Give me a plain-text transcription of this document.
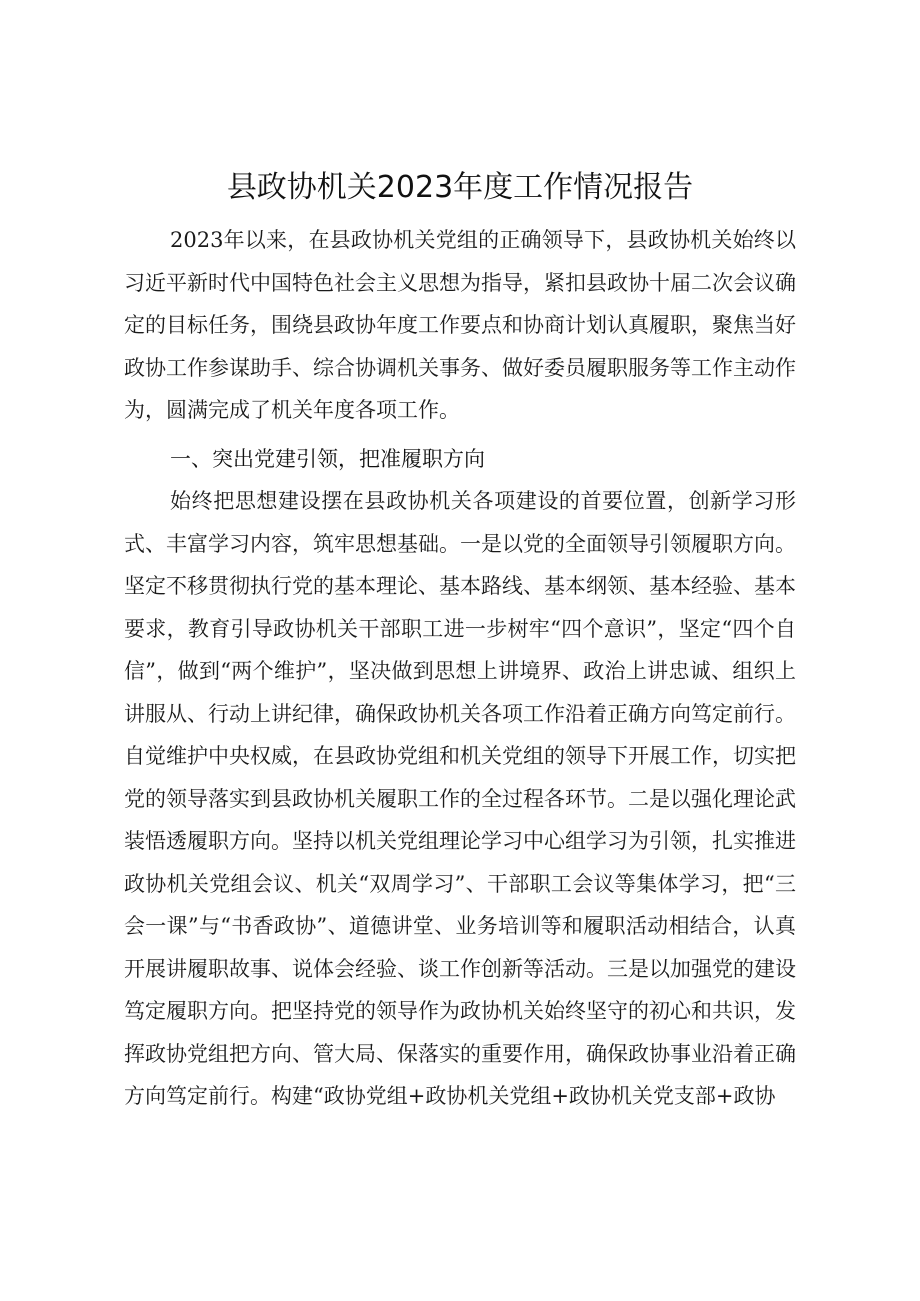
县政协机关2023年度工作情况报告

2023年以来，在县政协机关党组的正确领导下，县政协机关始终以习近平新时代中国特色社会主义思想为指导，紧扣县政协十届二次会议确定的目标任务，围绕县政协年度工作要点和协商计划认真履职，聚焦当好政协工作参谋助手、综合协调机关事务、做好委员履职服务等工作主动作为，圆满完成了机关年度各项工作。

一、突出党建引领，把准履职方向

始终把思想建设摆在县政协机关各项建设的首要位置，创新学习形式、丰富学习内容，筑牢思想基础。一是以党的全面领导引领履职方向。坚定不移贯彻执行党的基本理论、基本路线、基本纲领、基本经验、基本要求，教育引导政协机关干部职工进一步树牢“四个意识”，坚定“四个自信”，做到“两个维护”，坚决做到思想上讲境界、政治上讲忠诚、组织上讲服从、行动上讲纪律，确保政协机关各项工作沿着正确方向笃定前行。自觉维护中央权威，在县政协党组和机关党组的领导下开展工作，切实把党的领导落实到县政协机关履职工作的全过程各环节。二是以强化理论武装悟透履职方向。坚持以机关党组理论学习中心组学习为引领，扎实推进政协机关党组会议、机关“双周学习”、干部职工会议等集体学习，把“三会一课”与“书香政协”、道德讲堂、业务培训等和履职活动相结合，认真开展讲履职故事、说体会经验、谈工作创新等活动。三是以加强党的建设笃定履职方向。把坚持党的领导作为政协机关始终坚守的初心和共识，发挥政协党组把方向、管大局、保落实的重要作用，确保政协事业沿着正确方向笃定前行。构建“政协党组+政协机关党组+政协机关党支部+政协
